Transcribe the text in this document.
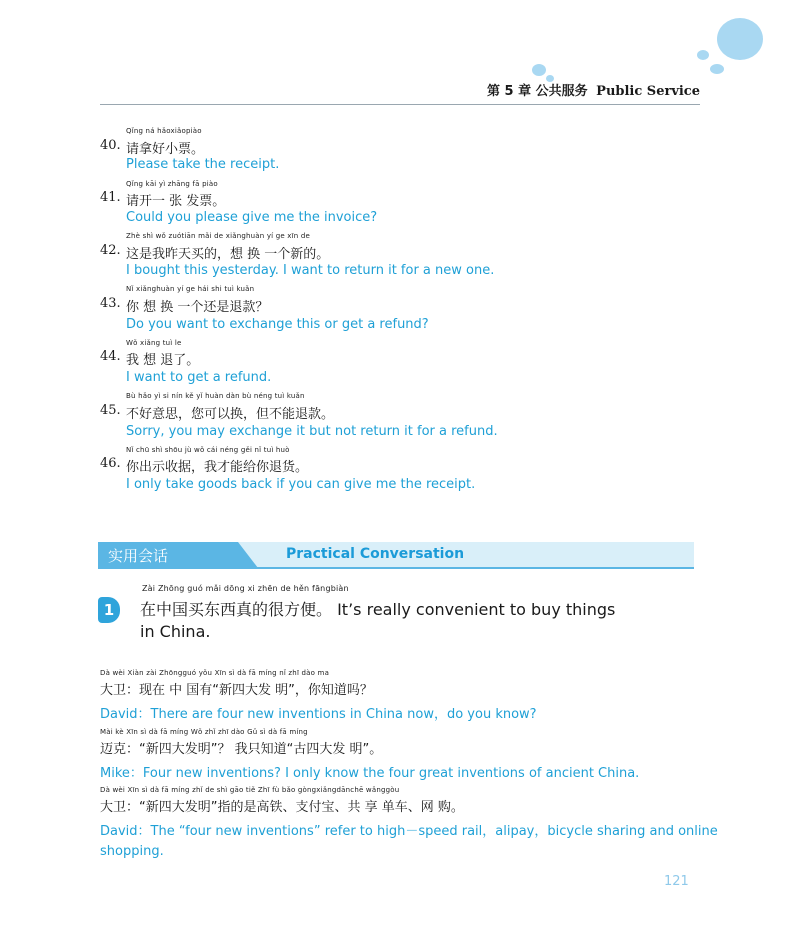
第 5 章 公共服务 Public Service
Qǐng ná hǎoxiǎopiào
40. 请拿好小票。
Please take the receipt.
Qǐng kāi yì zhāng fā piào
41. 请开一 张 发票。
Could you please give me the invoice?
Zhè shì wǒ zuótiān mǎi de xiǎnghuàn yí ge xīn de
42. 这是我昨天买的，想 换 一个新的。
I bought this yesterday. I want to return it for a new one.
Nǐ xiǎnghuàn yí ge hái shi tuì kuǎn
43. 你 想 换 一个还是退款？
Do you want to exchange this or get a refund?
Wǒ xiǎng tuì le
44. 我 想 退了。
I want to get a refund.
Bù hǎo yì si nín kě yǐ huàn dàn bù néng tuì kuǎn
45. 不好意思，您可以换，但不能退款。
Sorry, you may exchange it but not return it for a refund.
Nǐ chū shì shōu jù wǒ cái néng gěi nǐ tuì huò
46. 你出示收据，我才能给你退货。
I only take goods back if you can give me the receipt.
实用会话	Practical Conversation
1
Zài Zhōng guó mǎi dōng xi zhēn de hěn fāngbiàn
在中国买东西真的很方便。 It’s really convenient to buy things
in China.
Dà wèi Xiàn zài Zhōngguó yǒu Xīn sì dà fā míng nǐ zhī dào ma
大卫：现在 中 国有“新四大发 明”，你知道吗？
David：There are four new inventions in China now，do you know?
Mài kè Xīn sì dà fā míng Wǒ zhǐ zhī dào Gǔ sì dà fā míng
迈克：“新四大发明”？ 我只知道“古四大发 明”。
Mike：Four new inventions? I only know the four great inventions of ancient China.
Dà wèi Xīn sì dà fā míng zhǐ de shì gāo tiě Zhī fù bǎo gòngxiǎngdānchē wǎnggòu
大卫：“新四大发明”指的是高铁、支付宝、共 享 单车、网 购。
David：The “four new inventions” refer to high－speed rail，alipay，bicycle sharing and online
shopping.
121
